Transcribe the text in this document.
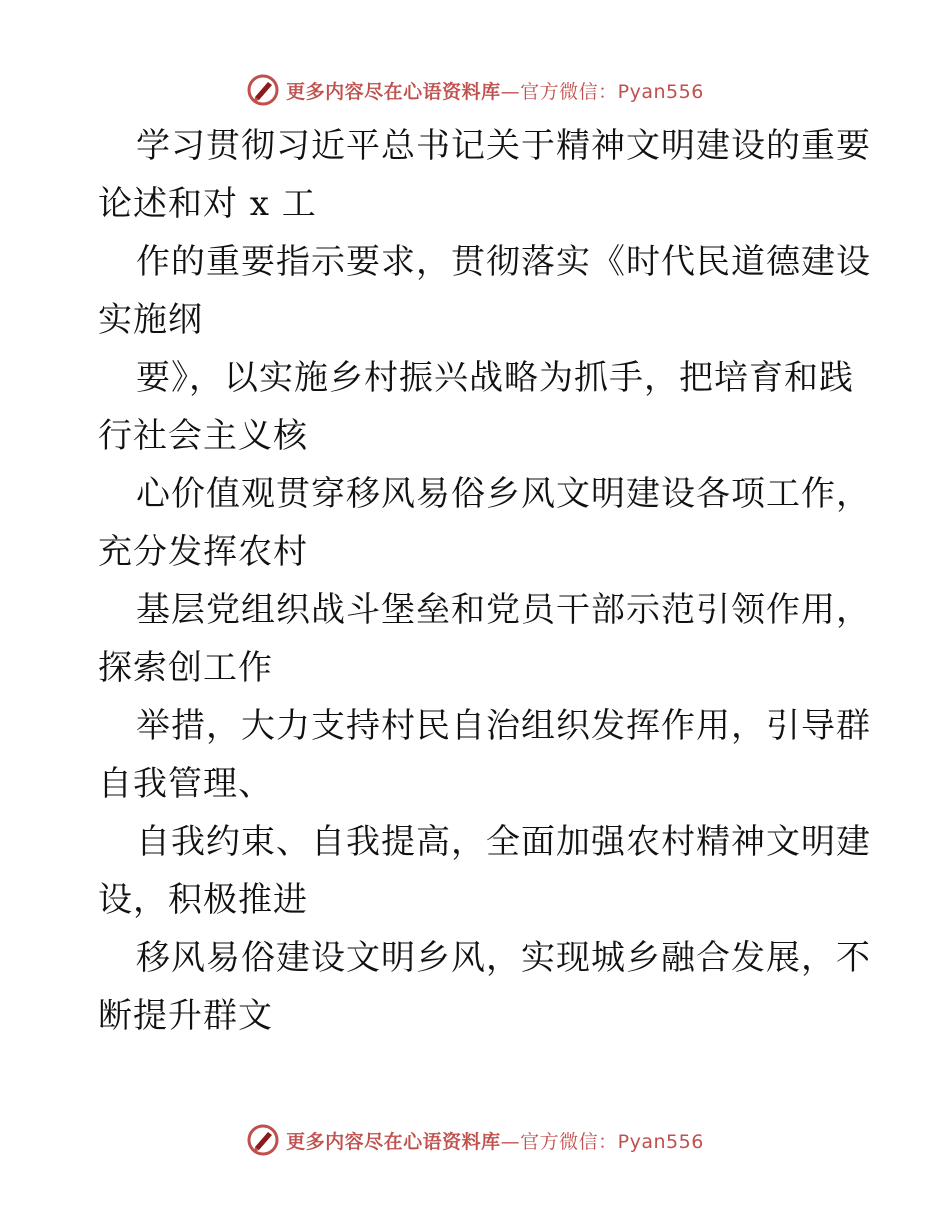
更多内容尽在心语资料库—官方微信：Pyan556
学习贯彻习近平总书记关于精神文明建设的重要
论述和对 x 工
作的重要指示要求，贯彻落实《时代民道德建设
实施纲
要》，以实施乡村振兴战略为抓手，把培育和践
行社会主义核
心价值观贯穿移风易俗乡风文明建设各项工作，
充分发挥农村
基层党组织战斗堡垒和党员干部示范引领作用，
探索创工作
举措，大力支持村民自治组织发挥作用，引导群
自我管理、
自我约束、自我提高，全面加强农村精神文明建
设，积极推进
移风易俗建设文明乡风，实现城乡融合发展，不
断提升群文
更多内容尽在心语资料库—官方微信：Pyan556
